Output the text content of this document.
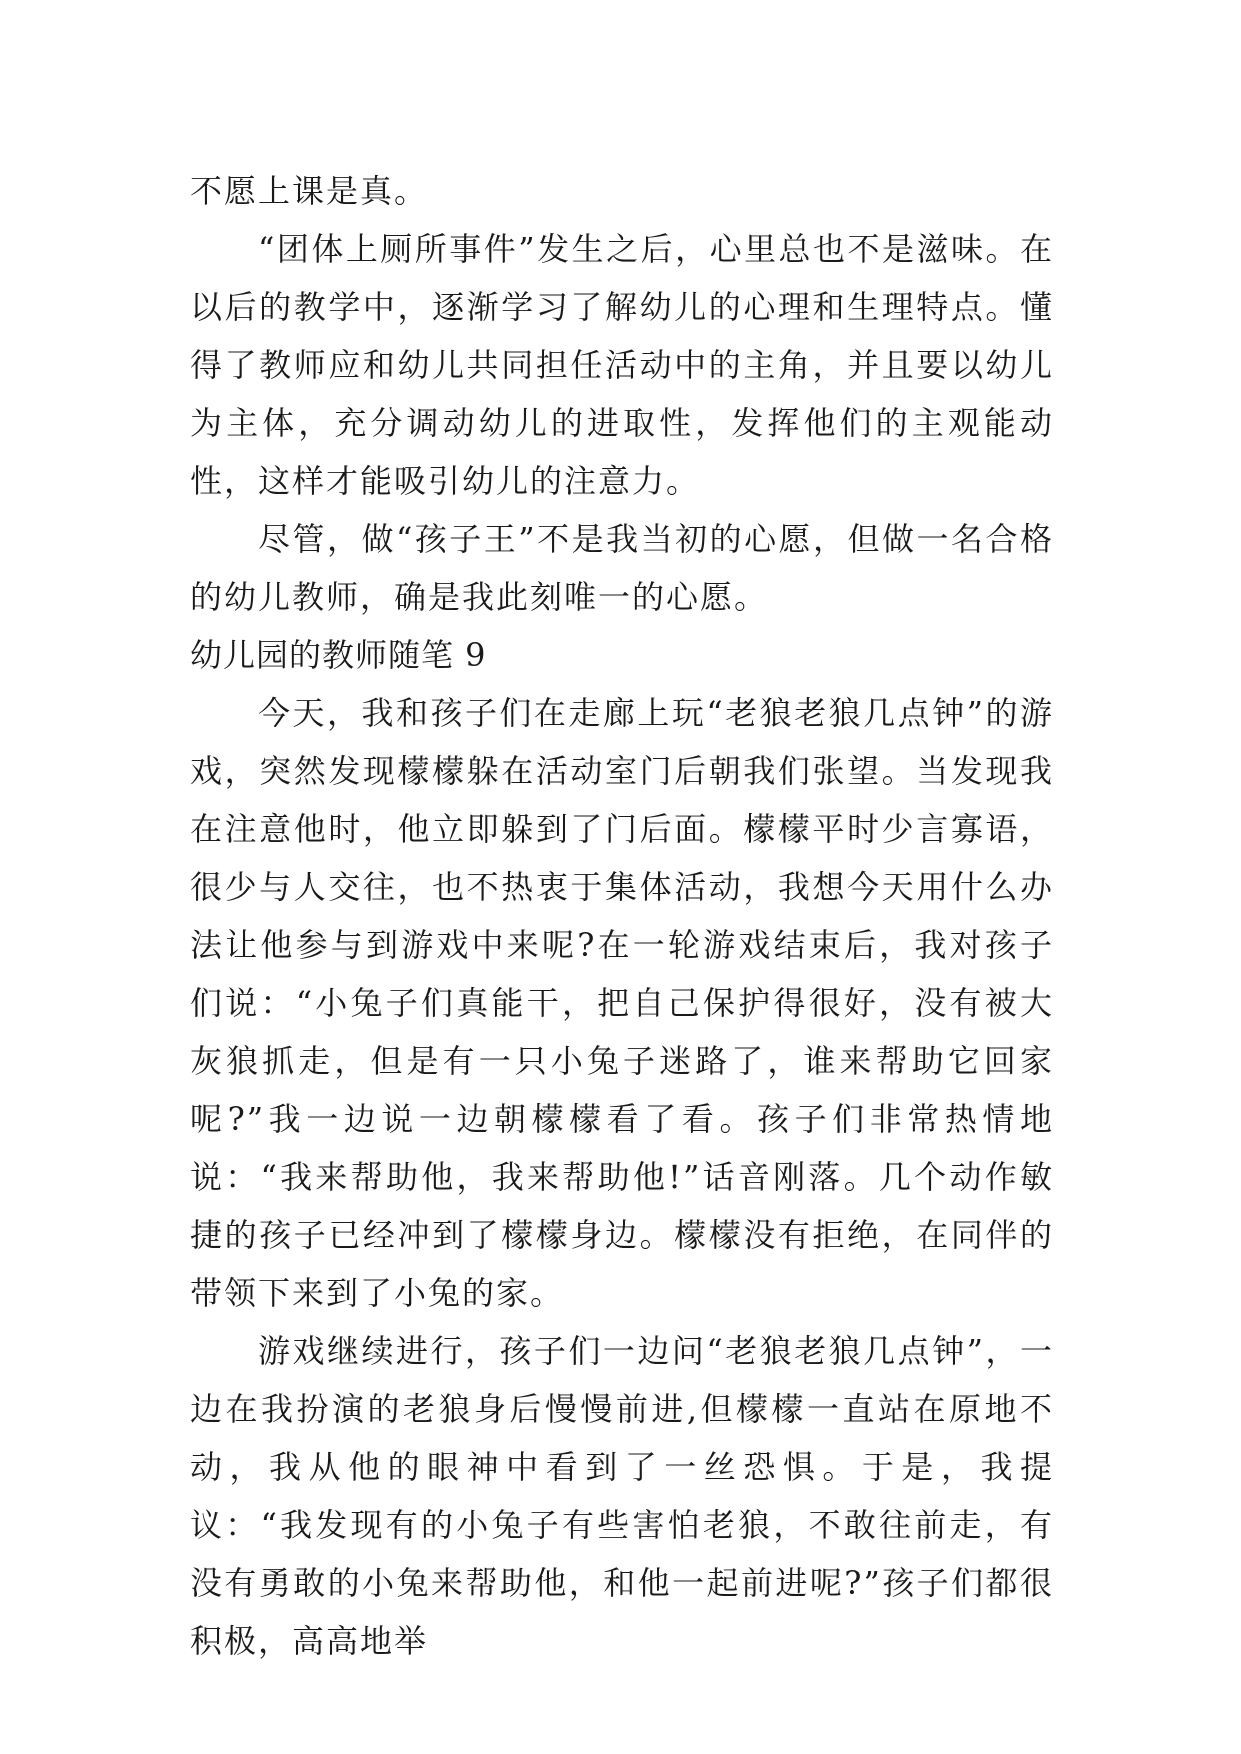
不愿上课是真。

“团体上厕所事件”发生之后，心里总也不是滋味。在以后的教学中，逐渐学习了解幼儿的心理和生理特点。懂得了教师应和幼儿共同担任活动中的主角，并且要以幼儿为主体，充分调动幼儿的进取性，发挥他们的主观能动性，这样才能吸引幼儿的注意力。

尽管，做“孩子王”不是我当初的心愿，但做一名合格的幼儿教师，确是我此刻唯一的心愿。

幼儿园的教师随笔 9

今天，我和孩子们在走廊上玩“老狼老狼几点钟”的游戏，突然发现檬檬躲在活动室门后朝我们张望。当发现我在注意他时，他立即躲到了门后面。檬檬平时少言寡语，很少与人交往，也不热衷于集体活动，我想今天用什么办法让他参与到游戏中来呢?在一轮游戏结束后，我对孩子们说：“小兔子们真能干，把自己保护得很好，没有被大灰狼抓走，但是有一只小兔子迷路了，谁来帮助它回家呢?”我一边说一边朝檬檬看了看。孩子们非常热情地说：“我来帮助他，我来帮助他!”话音刚落。几个动作敏捷的孩子已经冲到了檬檬身边。檬檬没有拒绝，在同伴的带领下来到了小兔的家。

游戏继续进行，孩子们一边问“老狼老狼几点钟”，一边在我扮演的老狼身后慢慢前进,但檬檬一直站在原地不动，我从他的眼神中看到了一丝恐惧。于是，我提议：“我发现有的小兔子有些害怕老狼，不敢往前走，有没有勇敢的小兔来帮助他，和他一起前进呢?”孩子们都很积极，高高地举
